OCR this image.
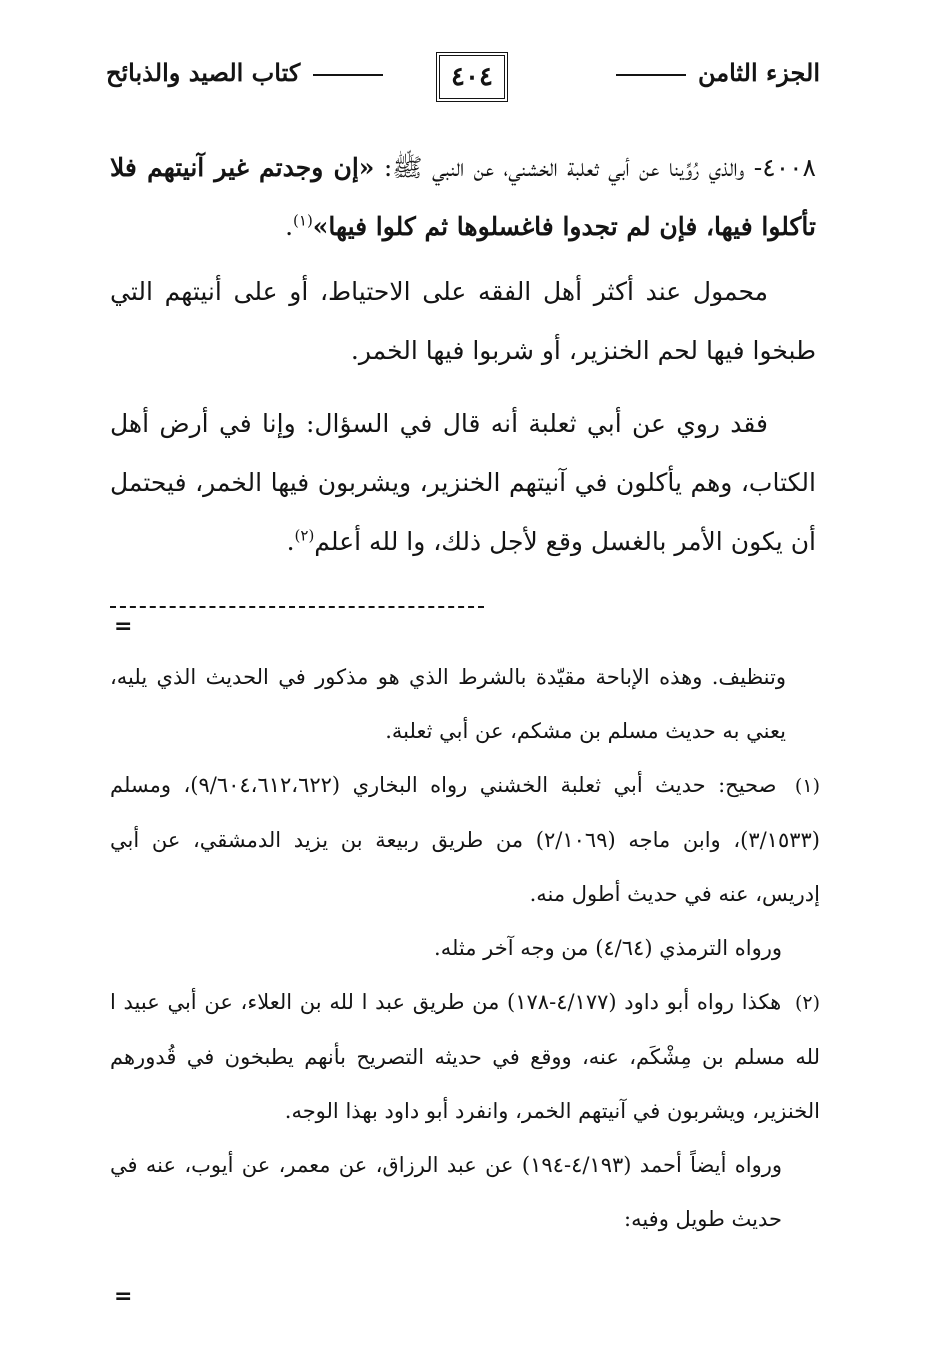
الجزء الثامن
٤٠٤
كتاب الصيد والذبائح

٤٠٠٨- والذي رُوِّينا عن أبي ثعلبة الخشني، عن النبي ﷺ: «إن وجدتم غير آنيتهم فلا تأكلوا فيها، فإن لم تجدوا فاغسلوها ثم كلوا فيها»$^{(١)}$.

محمول عند أكثر أهل الفقه على الاحتياط، أو على أنيتهم التي طبخوا فيها لحم الخنزير، أو شربوا فيها الخمر.

فقد روي عن أبي ثعلبة أنه قال في السؤال: وإنا في أرض أهل الكتاب، وهم يأكلون في آنيتهم الخنزير، ويشربون فيها الخمر، فيحتمل أن يكون الأمر بالغسل وقع لأجل ذلك، وا لله أعلم$^{(٢)}$.

=

وتنظيف. وهذه الإباحة مقيّدة بالشرط الذي هو مذكور في الحديث الذي يليه، يعني به حديث مسلم بن مشكم، عن أبي ثعلبة.

(١) صحيح: حديث أبي ثعلبة الخشني رواه البخاري (٩/٦٠٤،٦١٢،٦٢٢)، ومسلم (٣/١٥٣٣)، وابن ماجه (٢/١٠٦٩) من طريق ربيعة بن يزيد الدمشقي، عن أبي إدريس، عنه في حديث أطول منه.

ورواه الترمذي (٤/٦٤) من وجه آخر مثله.

(٢) هكذا رواه أبو داود (٤/١٧٧-١٧٨) من طريق عبد ا لله بن العلاء، عن أبي عبيد ا لله مسلم بن مِشْكَم، عنه، ووقع في حديثه التصريح بأنهم يطبخون في قُدورهم الخنزير، ويشربون في آنيتهم الخمر، وانفرد أبو داود بهذا الوجه.

ورواه أيضاً أحمد (٤/١٩٣-١٩٤) عن عبد الرزاق، عن معمر، عن أيوب، عنه في حديث طويل وفيه:

=
